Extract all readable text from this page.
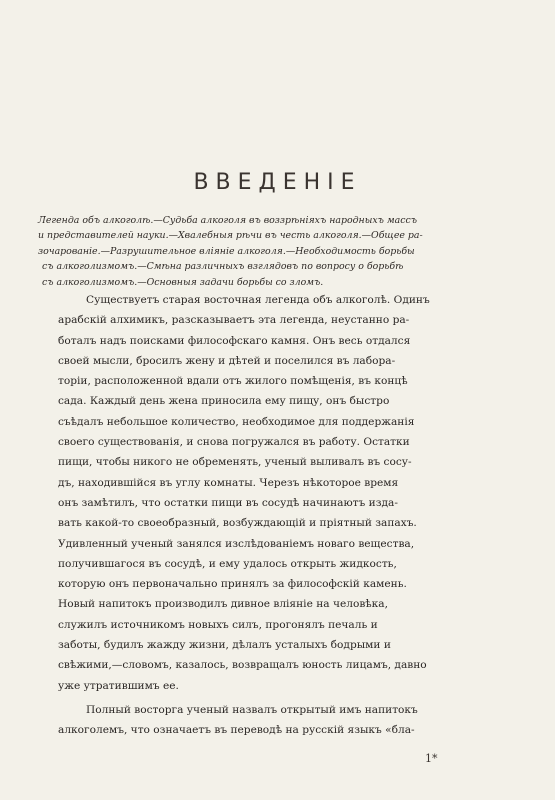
ВВЕДЕНIЕ
Легенда объ алкоголѣ.—Судьба алкоголя въ воззрѣнiяхъ народныхъ массъ
и представителей науки.—Хвалебныя рѣчи въ честь алкоголя.—Общее ра-
зочарованiе.—Разрушительное влiянiе алкоголя.—Необходимость борьбы
съ алкоголизмомъ.—Смѣна различныхъ взглядовъ по вопросу о борьбѣ
съ алкоголизмомъ.—Основныя задачи борьбы со зломъ.
Существуетъ старая восточная легенда объ алкоголѣ. Одинъ
арабскiй алхимикъ, разсказываетъ эта легенда, неустанно ра-
боталъ надъ поисками философскаго камня. Онъ весь отдался
своей мысли, бросилъ жену и дѣтей и поселился въ лабора-
торiи, расположенной вдали отъ жилого помѣщенiя, въ концѣ
сада. Каждый день жена приносила ему пищу, онъ быстро
съѣдалъ небольшое количество, необходимое для поддержанiя
своего существованiя, и снова погружался въ работу. Остатки
пищи, чтобы никого не обременять, ученый выливалъ въ сосу-
дъ, находившiйся въ углу комнаты. Черезъ нѣкоторое время
онъ замѣтилъ, что остатки пищи въ сосудѣ начинаютъ изда-
вать какой-то своеобразный, возбуждающiй и прiятный запахъ.
Удивленный ученый занялся изслѣдованiемъ новаго вещества,
получившагося въ сосудѣ, и ему удалось открыть жидкость,
которую онъ первоначально принялъ за философскiй камень.
Новый напитокъ производилъ дивное влiянiе на человѣка,
служилъ источникомъ новыхъ силъ, прогонялъ печаль и
заботы, будилъ жажду жизни, дѣлалъ усталыхъ бодрыми и
свѣжими,—словомъ, казалось, возвращалъ юность лицамъ, давно
уже утратившимъ ее.
Полный восторга ученый назвалъ открытый имъ напитокъ
алкоголемъ, что означаетъ въ переводѣ на русскiй языкъ «бла-
1*
